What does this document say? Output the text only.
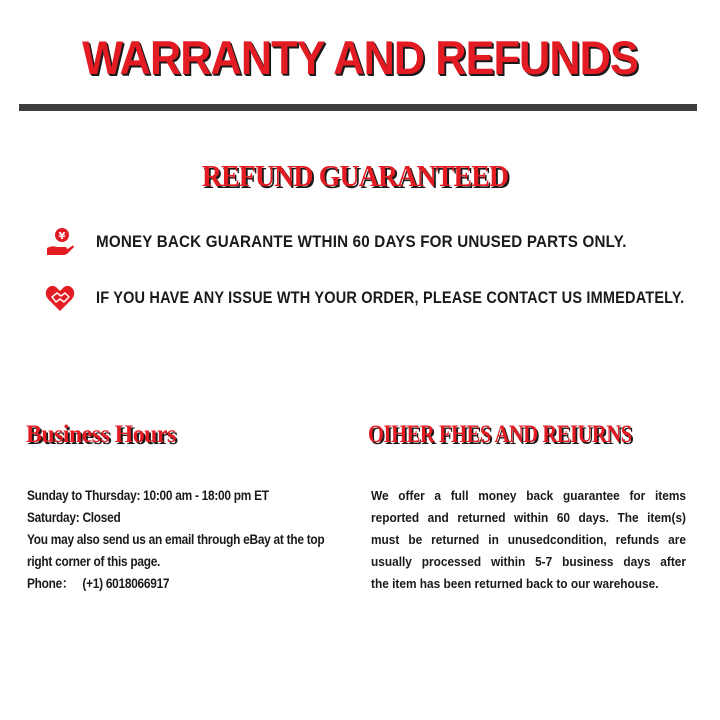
WARRANTY AND REFUNDS
REFUND GUARANTEED
¥ MONEY BACK GUARANTE WTHIN 60 DAYS FOR UNUSED PARTS ONLY.
IF YOU HAVE ANY ISSUE WTH YOUR ORDER, PLEASE CONTACT US IMMEDATELY.
Business Hours	OIHER FHES AND REIURNS
Sunday to Thursday: 10:00 am - 18:00 pm ET
Saturday: Closed
You may also send us an email through eBay at the top
right corner of this page.
Phone： (+1) 6018066917
We offer a full money back guarantee for items
reported and returned within 60 days. The item(s)
must be returned in unusedcondition, refunds are
usually processed within 5-7 business days after
the item has been returned back to our warehouse.
